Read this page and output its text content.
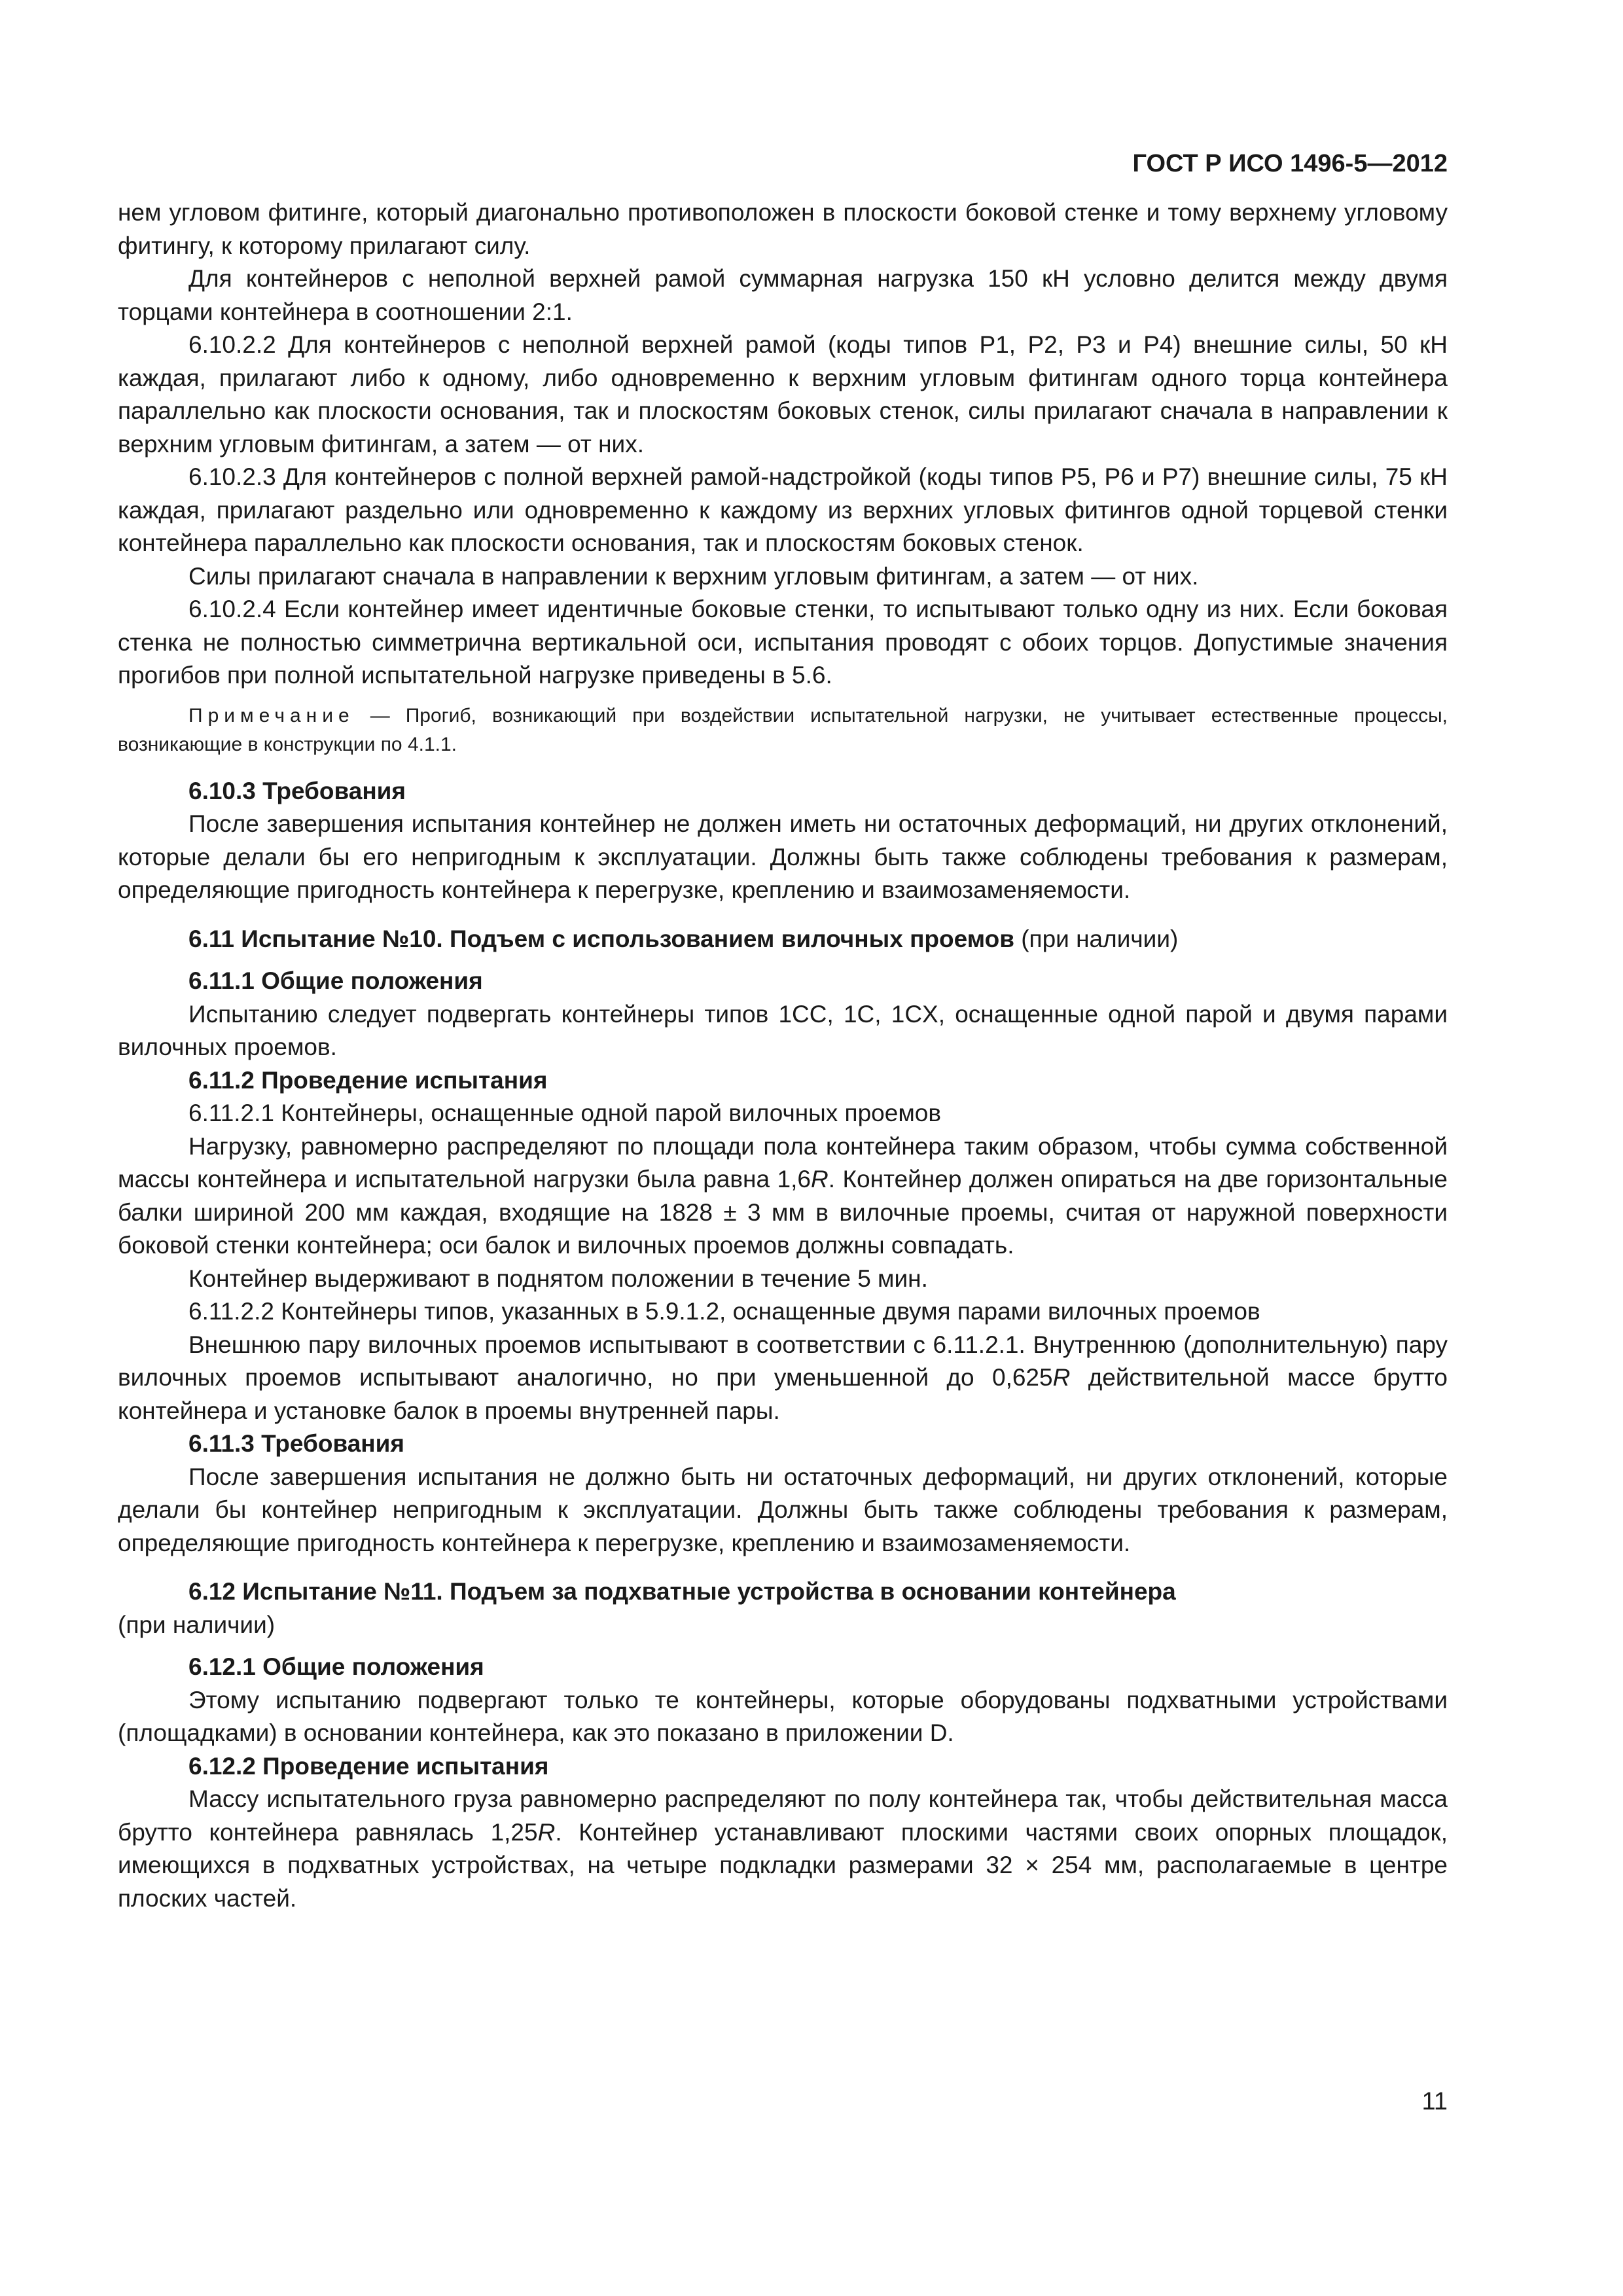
ГОСТ Р ИСО 1496-5—2012

нем угловом фитинге, который диагонально противоположен в плоскости боковой стенке и тому верхнему угловому фитингу, к которому прилагают силу.

Для контейнеров с неполной верхней рамой суммарная нагрузка 150 кН условно делится между двумя торцами контейнера в соотношении 2:1.

6.10.2.2 Для контейнеров с неполной верхней рамой (коды типов P1, P2, P3 и P4) внешние силы, 50 кН каждая, прилагают либо к одному, либо одновременно к верхним угловым фитингам одного торца контейнера параллельно как плоскости основания, так и плоскостям боковых стенок, силы прилагают сначала в направлении к верхним угловым фитингам, а затем — от них.

6.10.2.3 Для контейнеров с полной верхней рамой-надстройкой (коды типов P5, P6 и P7) внешние силы, 75 кН каждая, прилагают раздельно или одновременно к каждому из верхних угловых фитингов одной торцевой стенки контейнера параллельно как плоскости основания, так и плоскостям боковых стенок.

Силы прилагают сначала в направлении к верхним угловым фитингам, а затем — от них.

6.10.2.4 Если контейнер имеет идентичные боковые стенки, то испытывают только одну из них. Если боковая стенка не полностью симметрична вертикальной оси, испытания проводят с обоих торцов. Допустимые значения прогибов при полной испытательной нагрузке приведены в 5.6.

Примечание — Прогиб, возникающий при воздействии испытательной нагрузки, не учитывает естественные процессы, возникающие в конструкции по 4.1.1.

6.10.3 Требования

После завершения испытания контейнер не должен иметь ни остаточных деформаций, ни других отклонений, которые делали бы его непригодным к эксплуатации. Должны быть также соблюдены требования к размерам, определяющие пригодность контейнера к перегрузке, креплению и взаимозаменяемости.

6.11 Испытание №10. Подъем с использованием вилочных проемов (при наличии)

6.11.1 Общие положения

Испытанию следует подвергать контейнеры типов 1CC, 1C, 1CX, оснащенные одной парой и двумя парами вилочных проемов.

6.11.2 Проведение испытания

6.11.2.1 Контейнеры, оснащенные одной парой вилочных проемов

Нагрузку, равномерно распределяют по площади пола контейнера таким образом, чтобы сумма собственной массы контейнера и испытательной нагрузки была равна 1,6R. Контейнер должен опираться на две горизонтальные балки шириной 200 мм каждая, входящие на 1828 ± 3 мм в вилочные проемы, считая от наружной поверхности боковой стенки контейнера; оси балок и вилочных проемов должны совпадать.

Контейнер выдерживают в поднятом положении в течение 5 мин.

6.11.2.2 Контейнеры типов, указанных в 5.9.1.2, оснащенные двумя парами вилочных проемов

Внешнюю пару вилочных проемов испытывают в соответствии с 6.11.2.1. Внутреннюю (дополнительную) пару вилочных проемов испытывают аналогично, но при уменьшенной до 0,625R действительной массе брутто контейнера и установке балок в проемы внутренней пары.

6.11.3 Требования

После завершения испытания не должно быть ни остаточных деформаций, ни других отклонений, которые делали бы контейнер непригодным к эксплуатации. Должны быть также соблюдены требования к размерам, определяющие пригодность контейнера к перегрузке, креплению и взаимозаменяемости.

6.12 Испытание №11. Подъем за подхватные устройства в основании контейнера
(при наличии)

6.12.1 Общие положения

Этому испытанию подвергают только те контейнеры, которые оборудованы подхватными устройствами (площадками) в основании контейнера, как это показано в приложении D.

6.12.2 Проведение испытания

Массу испытательного груза равномерно распределяют по полу контейнера так, чтобы действительная масса брутто контейнера равнялась 1,25R. Контейнер устанавливают плоскими частями своих опорных площадок, имеющихся в подхватных устройствах, на четыре подкладки размерами 32 × 254 мм, располагаемые в центре плоских частей.

11
